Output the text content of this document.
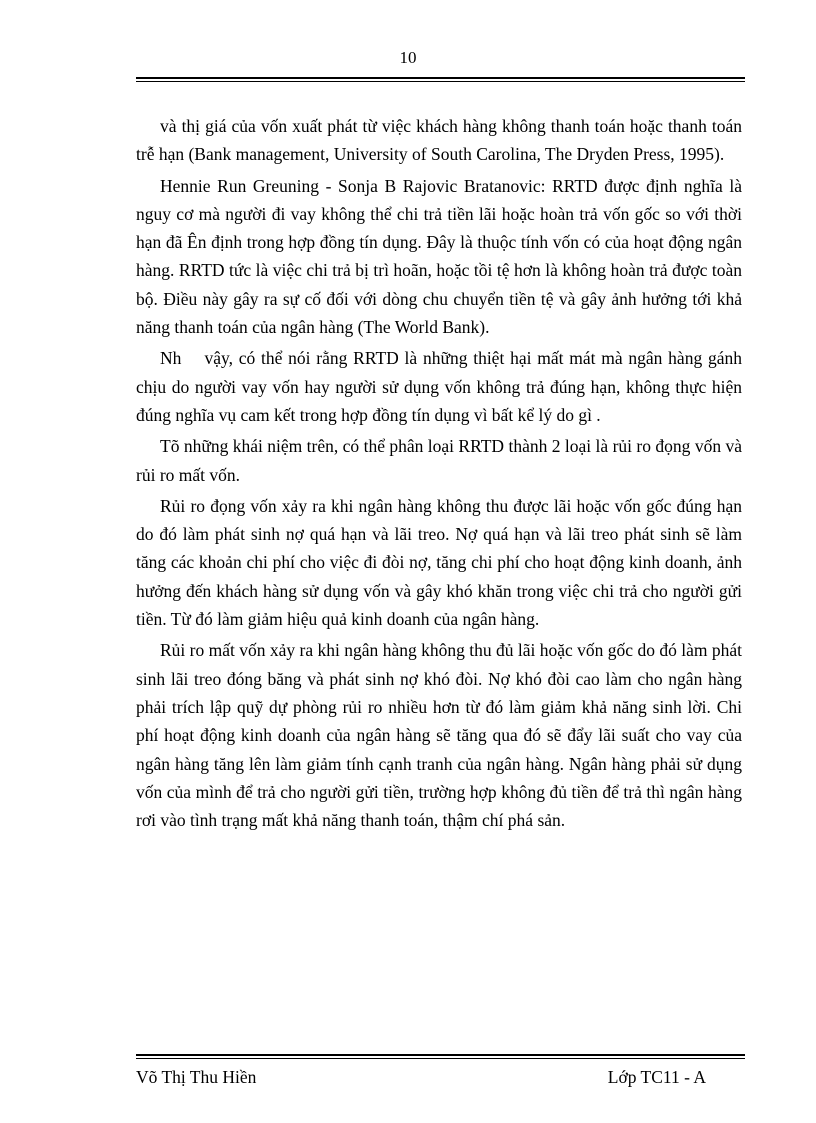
10

và thị giá của vốn xuất phát từ việc khách hàng không thanh toán hoặc thanh toán trễ hạn (Bank management, University of South Carolina, The Dryden Press, 1995).

Hennie Run Greuning - Sonja B Rajovic Bratanovic: RRTD được định nghĩa là nguy cơ mà người đi vay không thể chi trả tiền lãi hoặc hoàn trả vốn gốc so với thời hạn đã Ên định trong hợp đồng tín dụng. Đây là thuộc tính vốn có của hoạt động ngân hàng. RRTD tức là việc chi trả bị trì hoãn, hoặc tồi tệ hơn là không hoàn trả được toàn bộ. Điều này gây ra sự cố đối với dòng chu chuyển tiền tệ và gây ảnh hưởng tới khả năng thanh toán của ngân hàng (The World Bank).

Nh    vậy, có thể nói rằng RRTD là những thiệt hại mất mát mà ngân hàng gánh chịu do người vay vốn hay người sử dụng vốn không trả đúng hạn, không thực hiện đúng nghĩa vụ cam kết trong hợp đồng tín dụng vì bất kể lý do gì .

Tõ những khái niệm trên, có thể phân loại RRTD thành 2 loại là rủi ro đọng vốn và rủi ro mất vốn.

Rủi ro đọng vốn xảy ra khi ngân hàng không thu được lãi hoặc vốn gốc đúng hạn do đó làm phát sinh nợ quá hạn và lãi treo. Nợ quá hạn và lãi treo phát sinh sẽ làm tăng các khoản chi phí cho việc đi đòi nợ, tăng chi phí cho hoạt động kinh doanh, ảnh hưởng đến khách hàng sử dụng vốn và gây khó khăn trong việc chi trả cho người gửi tiền. Từ đó làm giảm hiệu quả kinh doanh của ngân hàng.

Rủi ro mất vốn xảy ra khi ngân hàng không thu đủ lãi hoặc vốn gốc do đó làm phát sinh lãi treo đóng băng và phát sinh nợ khó đòi. Nợ khó đòi cao làm cho ngân hàng phải trích lập quỹ dự phòng rủi ro nhiều hơn từ đó làm giảm khả năng sinh lời. Chi phí hoạt động kinh doanh của ngân hàng sẽ tăng qua đó sẽ đẩy lãi suất cho vay của ngân hàng tăng lên làm giảm tính cạnh tranh của ngân hàng. Ngân hàng phải sử dụng vốn của mình để trả cho người gửi tiền, trường hợp không đủ tiền để trả thì ngân hàng rơi vào tình trạng mất khả năng thanh toán, thậm chí phá sản.

Võ Thị Thu Hiền	Lớp TC11 - A
